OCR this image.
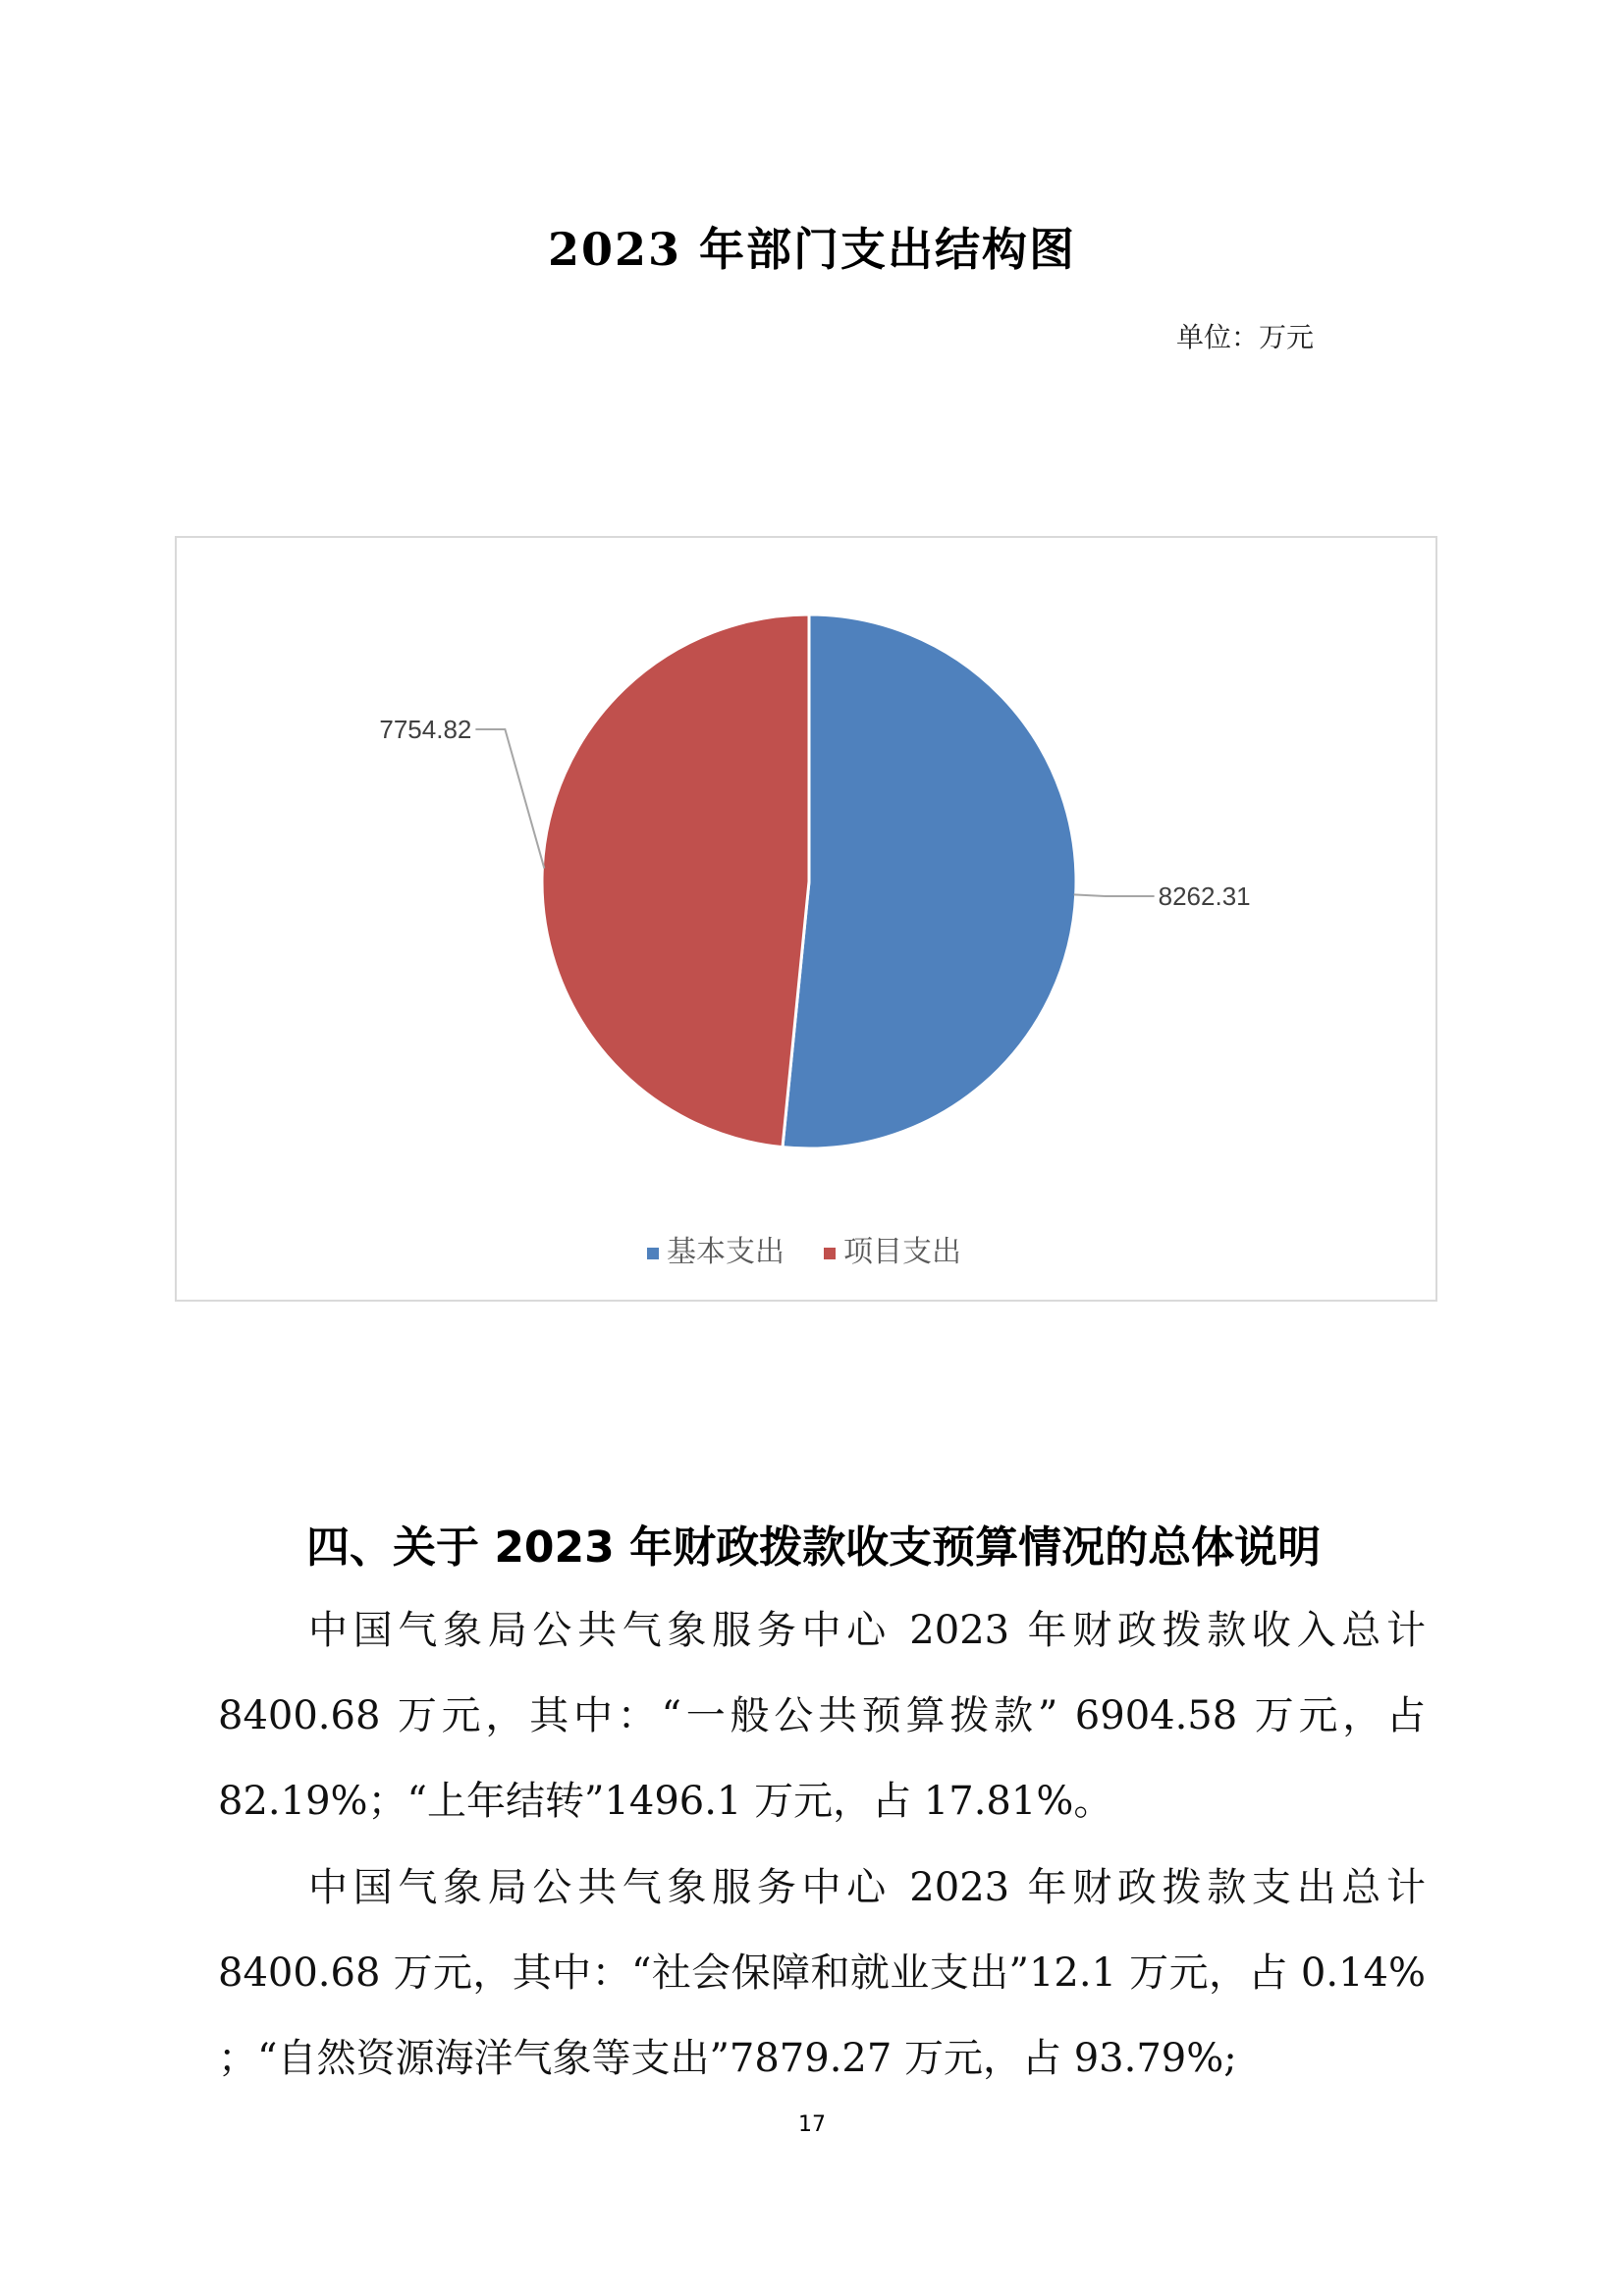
2023 年部门支出结构图
单位：万元
8262.31
7754.82
基本支出 项目支出
四、关于 2023 年财政拨款收支预算情况的总体说明

中国气象局公共气象服务中心 2023 年财政拨款收入总计 8400.68 万元，其中：“一般公共预算拨款” 6904.58 万元，占 82.19%；“上年结转”1496.1 万元，占 17.81%。

中国气象局公共气象服务中心 2023 年财政拨款支出总计 8400.68 万元，其中：“社会保障和就业支出”12.1 万元，占 0.14% ；“自然资源海洋气象等支出”7879.27 万元，占 93.79%;

17
